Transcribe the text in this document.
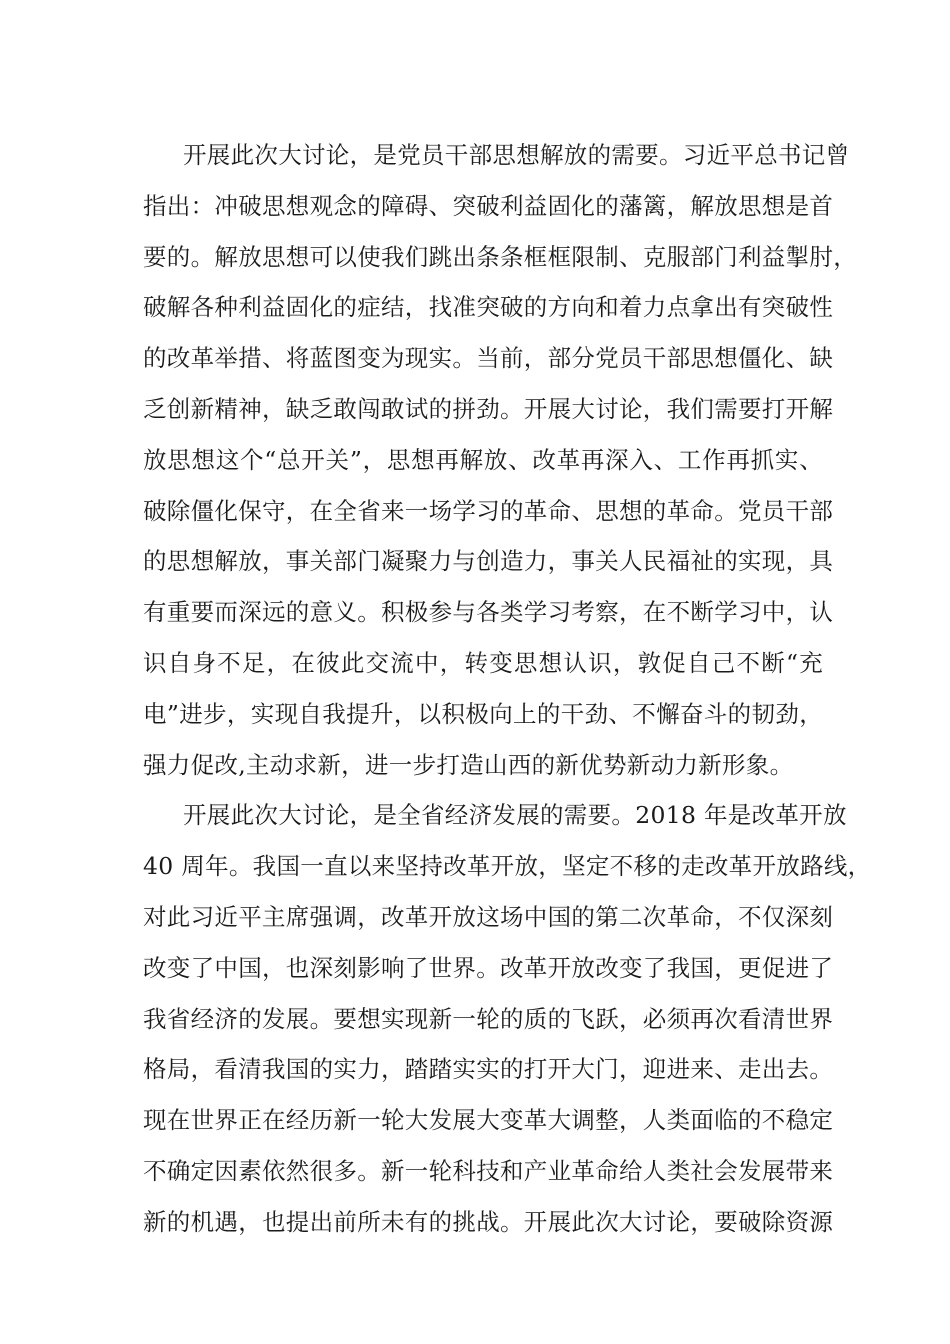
开展此次大讨论，是党员干部思想解放的需要。习近平总书记曾
指出：冲破思想观念的障碍、突破利益固化的藩篱，解放思想是首
要的。解放思想可以使我们跳出条条框框限制、克服部门利益掣肘，
破解各种利益固化的症结，找准突破的方向和着力点拿出有突破性
的改革举措、将蓝图变为现实。当前，部分党员干部思想僵化、缺
乏创新精神，缺乏敢闯敢试的拼劲。开展大讨论，我们需要打开解
放思想这个“总开关”，思想再解放、改革再深入、工作再抓实、
破除僵化保守，在全省来一场学习的革命、思想的革命。党员干部
的思想解放，事关部门凝聚力与创造力，事关人民福祉的实现，具
有重要而深远的意义。积极参与各类学习考察，在不断学习中，认
识自身不足，在彼此交流中，转变思想认识，敦促自己不断“充
电”进步，实现自我提升，以积极向上的干劲、不懈奋斗的韧劲，
强力促改,主动求新，进一步打造山西的新优势新动力新形象。
开展此次大讨论，是全省经济发展的需要。2018 年是改革开放
40 周年。我国一直以来坚持改革开放，坚定不移的走改革开放路线，
对此习近平主席强调，改革开放这场中国的第二次革命，不仅深刻
改变了中国，也深刻影响了世界。改革开放改变了我国，更促进了
我省经济的发展。要想实现新一轮的质的飞跃，必须再次看清世界
格局，看清我国的实力，踏踏实实的打开大门，迎进来、走出去。
现在世界正在经历新一轮大发展大变革大调整，人类面临的不稳定
不确定因素依然很多。新一轮科技和产业革命给人类社会发展带来
新的机遇，也提出前所未有的挑战。开展此次大讨论，要破除资源
